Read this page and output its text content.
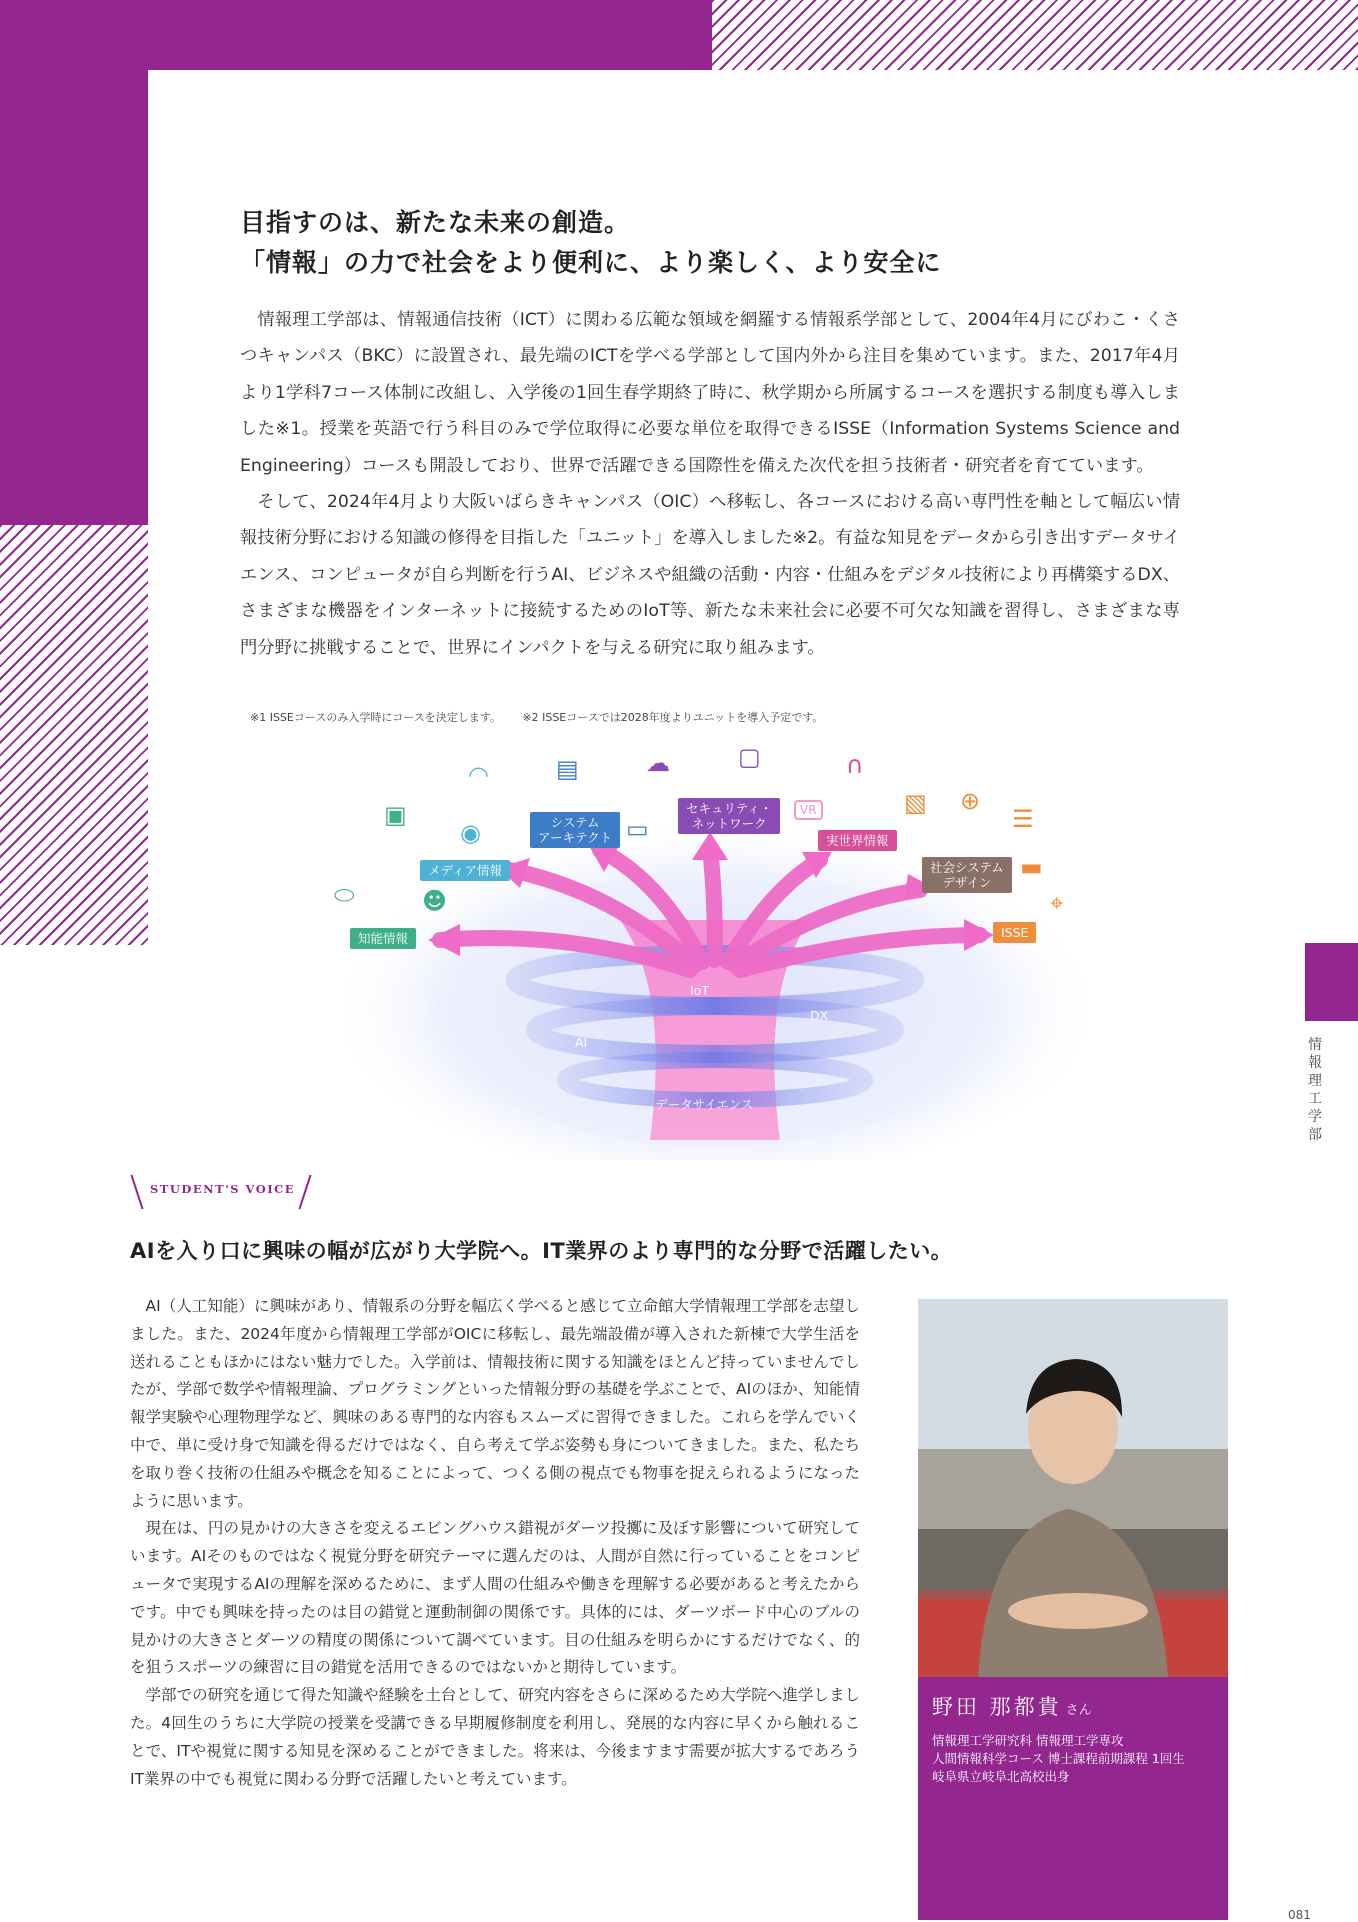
目指すのは、新たな未来の創造。
「情報」の力で社会をより便利に、より楽しく、より安全に

情報理工学部は、情報通信技術（ICT）に関わる広範な領域を網羅する情報系学部として、2004年4月にびわこ・くさつキャンパス（BKC）に設置され、最先端のICTを学べる学部として国内外から注目を集めています。また、2017年4月より1学科7コース体制に改組し、入学後の1回生春学期終了時に、秋学期から所属するコースを選択する制度も導入しました※1。授業を英語で行う科目のみで学位取得に必要な単位を取得できるISSE（Information Systems Science and Engineering）コースも開設しており、世界で活躍できる国際性を備えた次代を担う技術者・研究者を育てています。

そして、2024年4月より大阪いばらきキャンパス（OIC）へ移転し、各コースにおける高い専門性を軸として幅広い情報技術分野における知識の修得を目指した「ユニット」を導入しました※2。有益な知見をデータから引き出すデータサイエンス、コンピュータが自ら判断を行うAI、ビジネスや組織の活動・内容・仕組みをデジタル技術により再構築するDX、さまざまな機器をインターネットに接続するためのIoT等、新たな未来社会に必要不可欠な知識を習得し、さまざまな専門分野に挑戦することで、世界にインパクトを与える研究に取り組みます。

※1 ISSEコースのみ入学時にコースを決定します。 ※2 ISSEコースでは2028年度よりユニットを導入予定です。
知能情報
メディア情報
システム
アーキテクト
セキュリティ・
ネットワーク
実世界情報
社会システム
デザイン
ISSE
IoT
DX
AI
データサイエンス
◠
▣
◉
⬭	☻
▤
▭
☁	▢
VR
∩
▧ ⊕
☰
▬
⌖
STUDENT'S VOICE
AIを入り口に興味の幅が広がり大学院へ。IT業界のより専門的な分野で活躍したい。

AI（人工知能）に興味があり、情報系の分野を幅広く学べると感じて立命館大学情報理工学部を志望しました。また、2024年度から情報理工学部がOICに移転し、最先端設備が導入された新棟で大学生活を送れることもほかにはない魅力でした。入学前は、情報技術に関する知識をほとんど持っていませんでしたが、学部で数学や情報理論、プログラミングといった情報分野の基礎を学ぶことで、AIのほか、知能情報学実験や心理物理学など、興味のある専門的な内容もスムーズに習得できました。これらを学んでいく中で、単に受け身で知識を得るだけではなく、自ら考えて学ぶ姿勢も身についてきました。また、私たちを取り巻く技術の仕組みや概念を知ることによって、つくる側の視点でも物事を捉えられるようになったように思います。

現在は、円の見かけの大きさを変えるエビングハウス錯視がダーツ投擲に及ぼす影響について研究しています。AIそのものではなく視覚分野を研究テーマに選んだのは、人間が自然に行っていることをコンピュータで実現するAIの理解を深めるために、まず人間の仕組みや働きを理解する必要があると考えたからです。中でも興味を持ったのは目の錯覚と運動制御の関係です。具体的には、ダーツボード中心のブルの見かけの大きさとダーツの精度の関係について調べています。目の仕組みを明らかにするだけでなく、的を狙うスポーツの練習に目の錯覚を活用できるのではないかと期待しています。

学部での研究を通じて得た知識や経験を土台として、研究内容をさらに深めるため大学院へ進学しました。4回生のうちに大学院の授業を受講できる早期履修制度を利用し、発展的な内容に早くから触れることで、ITや視覚に関する知見を深めることができました。将来は、今後ますます需要が拡大するであろうIT業界の中でも視覚に関わる分野で活躍したいと考えています。

野田 那都貴 さん
情報理工学研究科 情報理工学専攻
人間情報科学コース 博士課程前期課程 1回生
岐阜県立岐阜北高校出身
情
報
理
工
学
部
081
